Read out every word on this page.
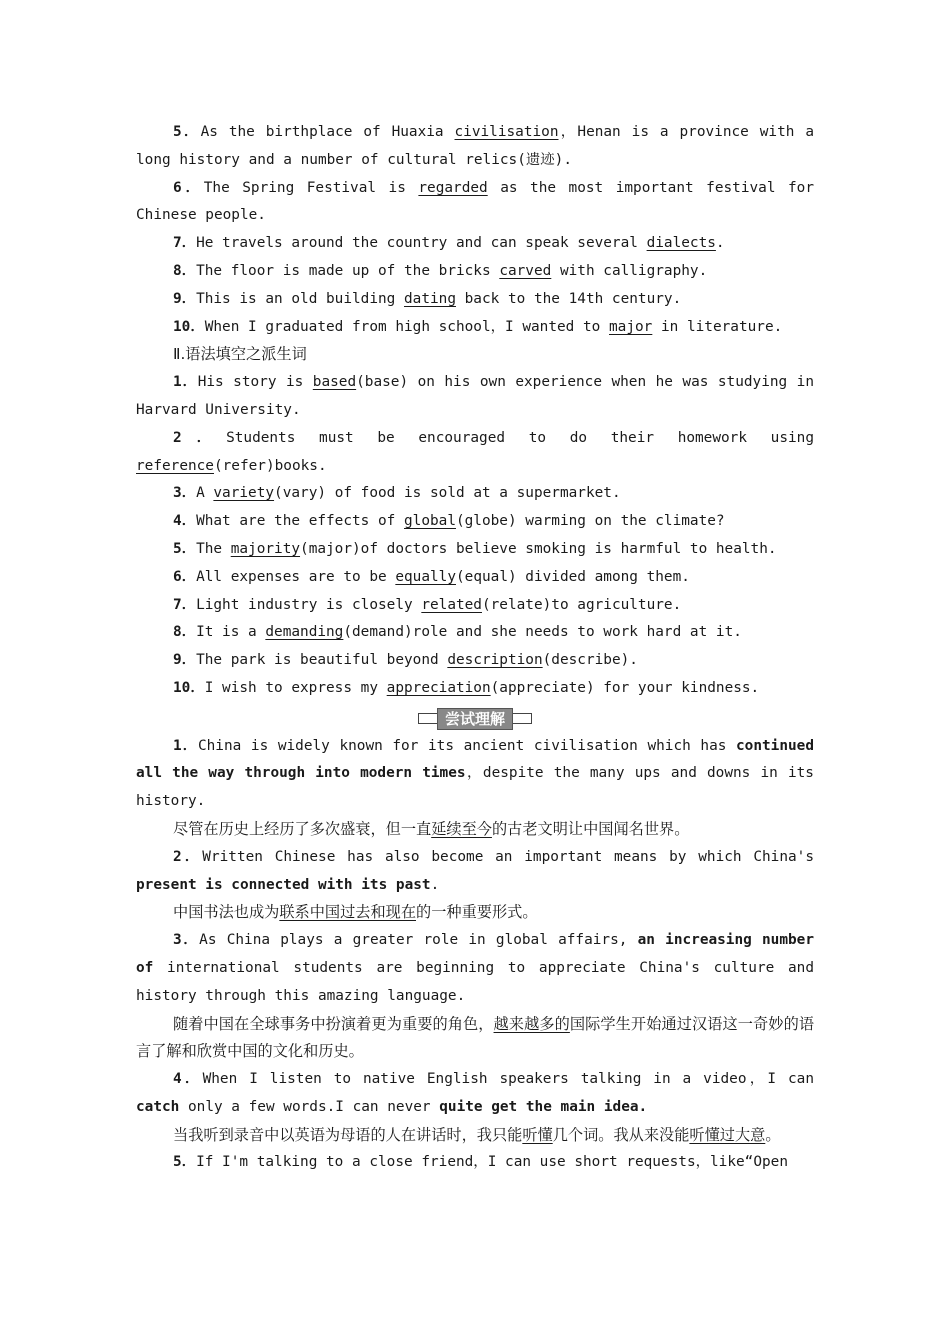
5．As the birthplace of Huaxia civilisation，Henan is a province with a long history and a number of cultural relics(遗迹).

6．The Spring Festival is regarded as the most important festival for Chinese people.

7．He travels around the country and can speak several dialects.

8．The floor is made up of the bricks carved with calligraphy.

9．This is an old building dating back to the 14th century.

10．When I graduated from high school，I wanted to major in literature.

Ⅱ.语法填空之派生词

1．His story is based(base) on his own experience when he was studying in Harvard University.

2．Students must be encouraged to do their homework using reference(refer)books.

3．A variety(vary) of food is sold at a supermarket.

4．What are the effects of global(globe) warming on the climate?

5．The majority(major)of doctors believe smoking is harmful to health.

6．All expenses are to be equally(equal) divided among them.

7．Light industry is closely related(relate)to agriculture.

8．It is a demanding(demand)role and she needs to work hard at it.

9．The park is beautiful beyond description(describe).

10．I wish to express my appreciation(appreciate) for your kindness.

尝试理解

1．China is widely known for its ancient civilisation which has continued all the way through into modern times，despite the many ups and downs in its history.

尽管在历史上经历了多次盛衰，但一直延续至今的古老文明让中国闻名世界。

2．Written Chinese has also become an important means by which China's present is connected with its past.

中国书法也成为联系中国过去和现在的一种重要形式。

3．As China plays a greater role in global affairs, an increasing number of international students are beginning to appreciate China's culture and history through this amazing language.

随着中国在全球事务中扮演着更为重要的角色，越来越多的国际学生开始通过汉语这一奇妙的语言了解和欣赏中国的文化和历史。

4．When I listen to native English speakers talking in a video，I can catch only a few words.I can never quite get the main idea.

当我听到录音中以英语为母语的人在讲话时，我只能听懂几个词。我从来没能听懂过大意。

5．If I'm talking to a close friend，I can use short requests，like“Open
